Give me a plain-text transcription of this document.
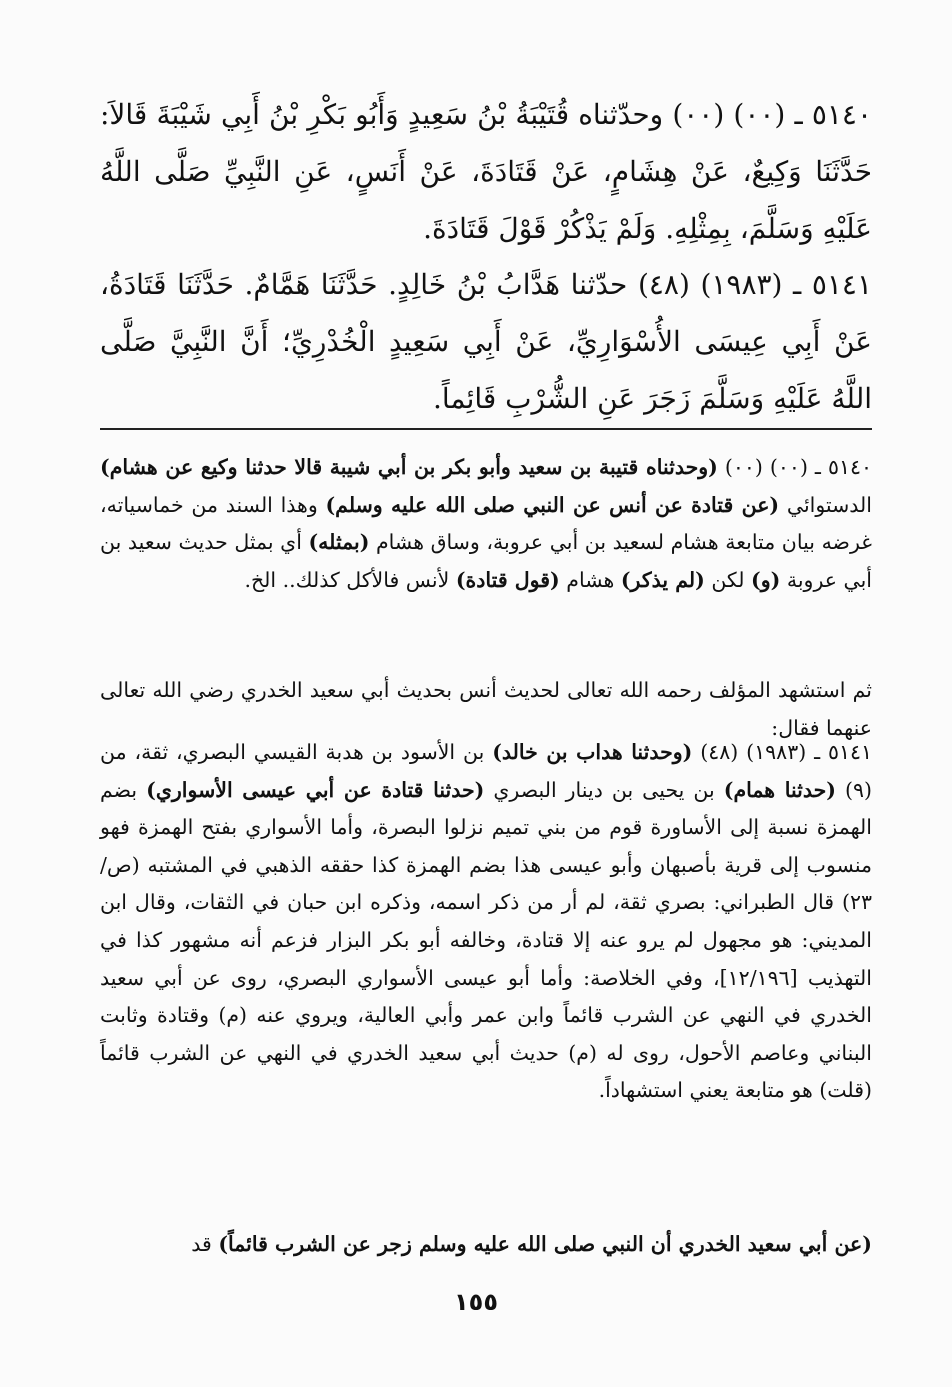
٥١٤٠ ـ (٠٠) (٠٠) وحدّثناه قُتَيْبَةُ بْنُ سَعِيدٍ وَأَبُو بَكْرِ بْنُ أَبِي شَيْبَةَ قَالاَ: حَدَّثَنَا وَكِيعٌ، عَنْ هِشَامٍ، عَنْ قَتَادَةَ، عَنْ أَنَسٍ، عَنِ النَّبِيِّ صَلَّى اللَّهُ عَلَيْهِ وَسَلَّمَ، بِمِثْلِهِ. وَلَمْ يَذْكُرْ قَوْلَ قَتَادَةَ.

٥١٤١ ـ (١٩٨٣) (٤٨) حدّثنا هَدَّابُ بْنُ خَالِدٍ. حَدَّثَنَا هَمَّامٌ. حَدَّثَنَا قَتَادَةُ، عَنْ أَبِي عِيسَى الأُسْوَارِيِّ، عَنْ أَبِي سَعِيدٍ الْخُدْرِيِّ؛ أَنَّ النَّبِيَّ صَلَّى اللَّهُ عَلَيْهِ وَسَلَّمَ زَجَرَ عَنِ الشُّرْبِ قَائِماً.

٥١٤٠ ـ (٠٠) (٠٠) (وحدثناه قتيبة بن سعيد وأبو بكر بن أبي شيبة قالا حدثنا وكيع عن هشام) الدستوائي (عن قتادة عن أنس عن النبي صلى الله عليه وسلم) وهذا السند من خماسياته، غرضه بيان متابعة هشام لسعيد بن أبي عروبة، وساق هشام (بمثله) أي بمثل حديث سعيد بن أبي عروبة (و) لكن (لم يذكر) هشام (قول قتادة) لأنس فالأكل كذلك.. الخ.

ثم استشهد المؤلف رحمه الله تعالى لحديث أنس بحديث أبي سعيد الخدري رضي الله تعالى عنهما فقال:

٥١٤١ ـ (١٩٨٣) (٤٨) (وحدثنا هداب بن خالد) بن الأسود بن هدبة القيسي البصري، ثقة، من (٩) (حدثنا همام) بن يحيى بن دينار البصري (حدثنا قتادة عن أبي عيسى الأسواري) بضم الهمزة نسبة إلى الأساورة قوم من بني تميم نزلوا البصرة، وأما الأسواري بفتح الهمزة فهو منسوب إلى قرية بأصبهان وأبو عيسى هذا بضم الهمزة كذا حققه الذهبي في المشتبه (ص/٢٣) قال الطبراني: بصري ثقة، لم أر من ذكر اسمه، وذكره ابن حبان في الثقات، وقال ابن المديني: هو مجهول لم يرو عنه إلا قتادة، وخالفه أبو بكر البزار فزعم أنه مشهور كذا في التهذيب [١٢/١٩٦]، وفي الخلاصة: وأما أبو عيسى الأسواري البصري، روى عن أبي سعيد الخدري في النهي عن الشرب قائماً وابن عمر وأبي العالية، ويروي عنه (م) وقتادة وثابت البناني وعاصم الأحول، روى له (م) حديث أبي سعيد الخدري في النهي عن الشرب قائماً (قلت) هو متابعة يعني استشهاداً.

(عن أبي سعيد الخدري أن النبي صلى الله عليه وسلم زجر عن الشرب قائماً) قد

١٥٥
